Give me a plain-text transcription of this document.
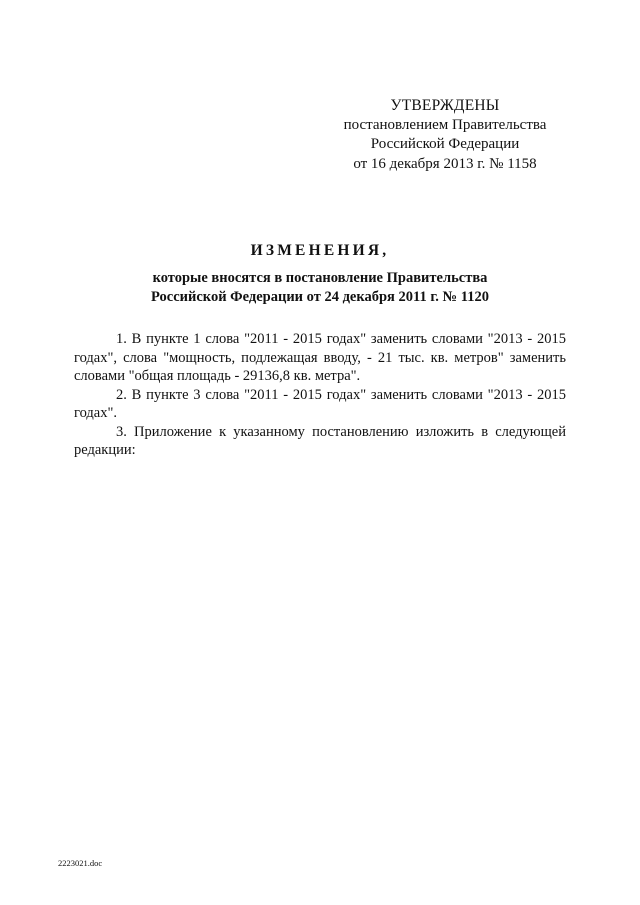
УТВЕРЖДЕНЫ
постановлением Правительства
Российской Федерации
от 16 декабря 2013 г. № 1158
ИЗМЕНЕНИЯ,
которые вносятся в постановление Правительства
Российской Федерации от 24 декабря 2011 г. № 1120

1. В пункте 1 слова "2011 - 2015 годах" заменить словами "2013 - 2015 годах", слова "мощность, подлежащая вводу, - 21 тыс. кв. метров" заменить словами "общая площадь - 29136,8 кв. метра".

2. В пункте 3 слова "2011 - 2015 годах" заменить словами "2013 - 2015 годах".

3. Приложение к указанному постановлению изложить в следующей редакции:

2223021.doc
